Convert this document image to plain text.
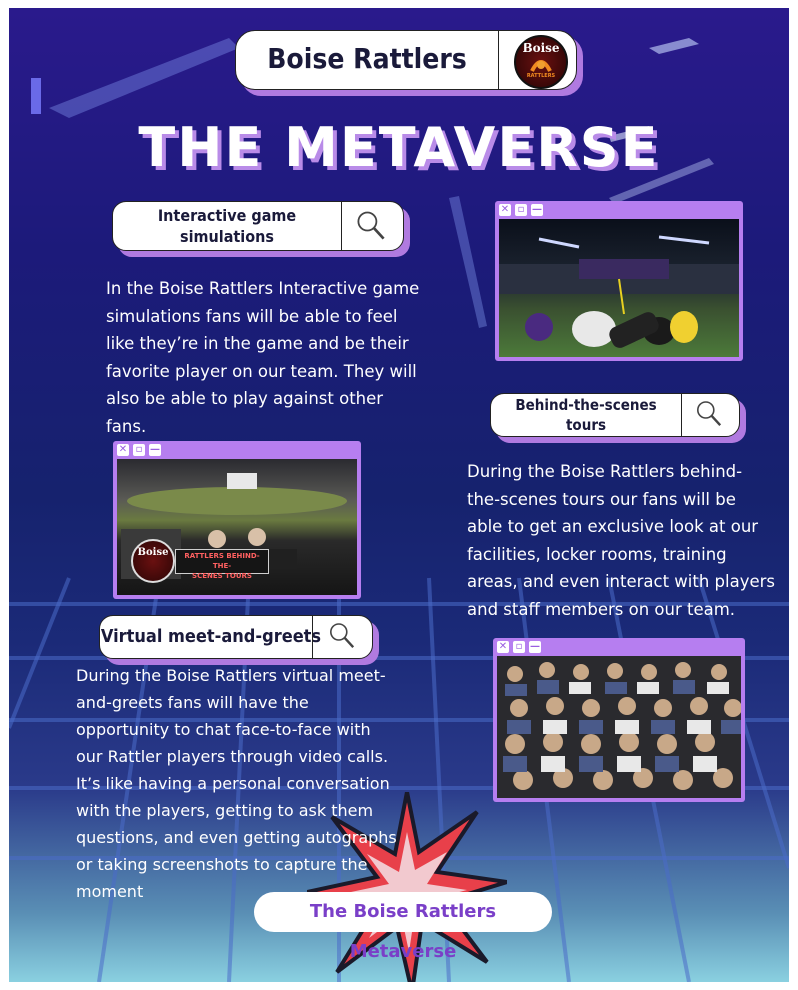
Boise Rattlers	Boise
RATTLERS
THE METAVERSE
Interactive game
simulations
In the Boise Rattlers Interactive game
simulations fans will be able to feel
like they’re in the game and be their
favorite player on our team. They will
also be able to play against other
fans.
✕ ▫ —
Behind-the-scenes
tours
During the Boise Rattlers behind-
the-scenes tours our fans will be
able to get an exclusive look at our
facilities, locker rooms, training
areas, and even interact with players
and staff members on our team.
✕ ▫ —
Boise	RATTLERS BEHIND-THE-
SCENES TOURS
Virtual meet-and-greets
During the Boise Rattlers virtual meet-
and-greets fans will have the
opportunity to chat face-to-face with
our Rattler players through video calls.
It’s like having a personal conversation
with the players, getting to ask them
questions, and even getting autographs
or taking screenshots to capture the
moment
✕ ▫ —
The Boise Rattlers Metaverse
